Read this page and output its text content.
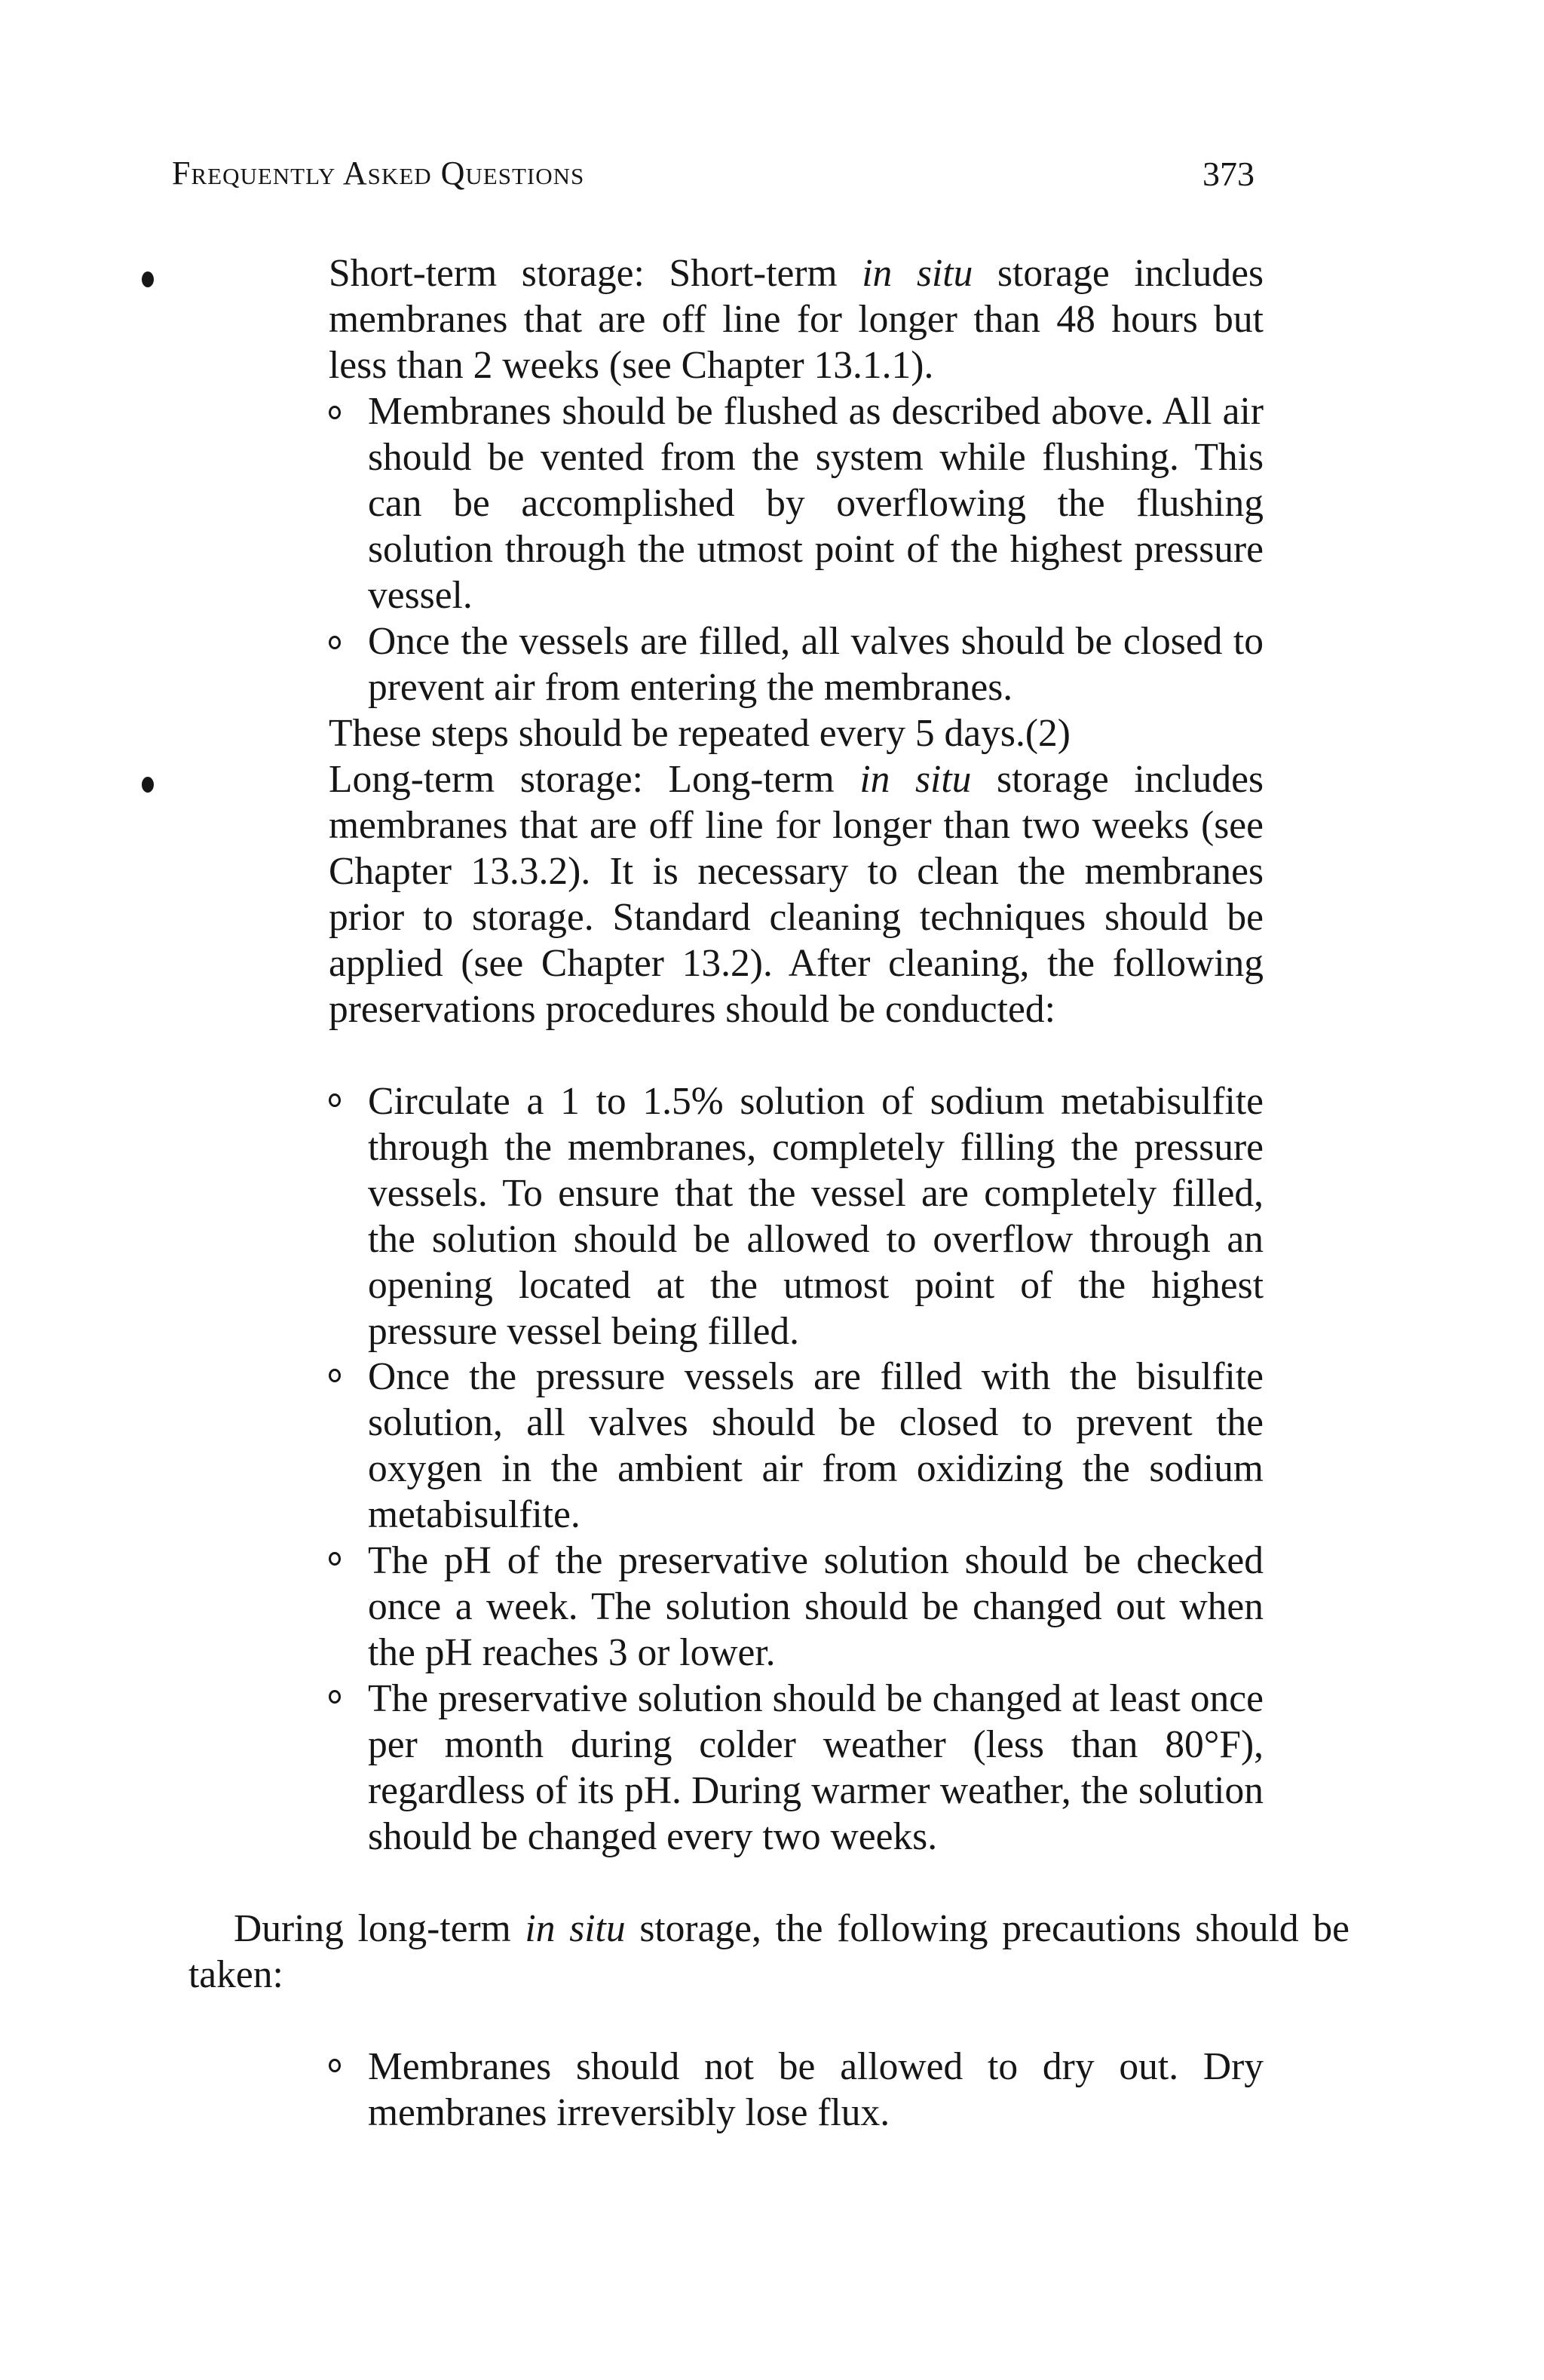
Frequently Asked Questions	373
Short-term storage: Short-term in situ storage includes membranes that are off line for longer than 48 hours but less than 2 weeks (see Chapter 13.1.1).
Membranes should be flushed as described above. All air should be vented from the system while flushing. This can be accomplished by overflowing the flushing solution through the utmost point of the highest pressure vessel.
Once the vessels are filled, all valves should be closed to prevent air from entering the membranes.
These steps should be repeated every 5 days.(2)
Long-term storage: Long-term in situ storage includes membranes that are off line for longer than two weeks (see Chapter 13.3.2). It is necessary to clean the membranes prior to storage. Standard cleaning techniques should be applied (see Chapter 13.2). After cleaning, the following preservations procedures should be conducted:
Circulate a 1 to 1.5% solution of sodium metabisulfite through the membranes, completely filling the pressure vessels. To ensure that the vessel are completely filled, the solution should be allowed to overflow through an opening located at the utmost point of the highest pressure vessel being filled.
Once the pressure vessels are filled with the bisulfite solution, all valves should be closed to prevent the oxygen in the ambient air from oxidizing the sodium metabisulfite.
The pH of the preservative solution should be checked once a week. The solution should be changed out when the pH reaches 3 or lower.
The preservative solution should be changed at least once per month during colder weather (less than 80°F), regardless of its pH. During warmer weather, the solution should be changed every two weeks.
During long-term in situ storage, the following precautions should be taken:
Membranes should not be allowed to dry out. Dry membranes irreversibly lose flux.
